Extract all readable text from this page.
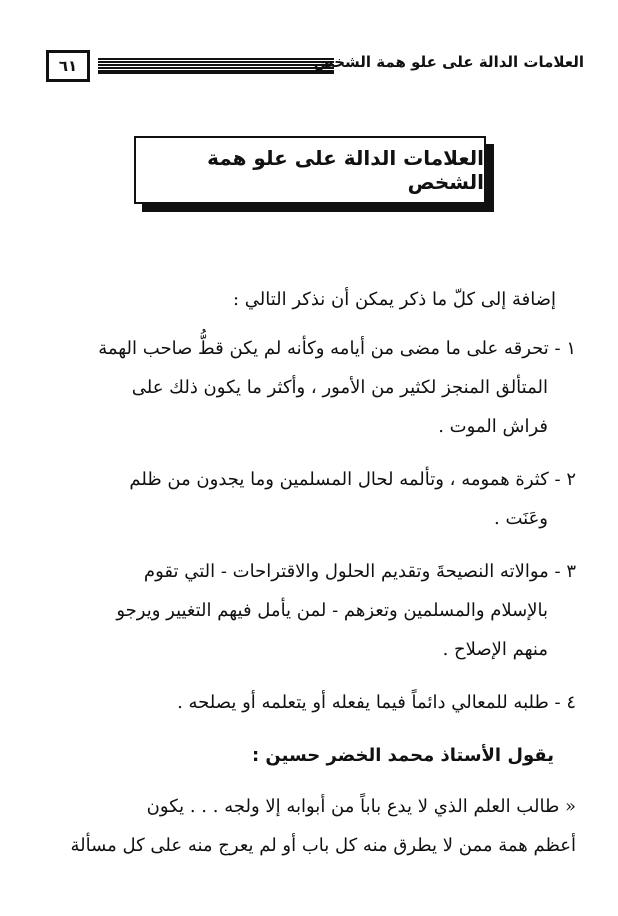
٦١	العلامات الدالة على علو همة الشخص
العلامات الدالة على علو همة الشخص
إضافة إلى كلّ ما ذكر يمكن أن نذكر التالي :
١ - تحرقه على ما مضى من أيامه وكأنه لم يكن قطُّ صاحب الهمة
المتألق المنجز لكثير من الأمور ، وأكثر ما يكون ذلك على
فراش الموت .
٢ - كثرة همومه ، وتألمه لحال المسلمين وما يجدون من ظلم
وعَنَت .
٣ - موالاته النصيحةَ وتقديم الحلول والاقتراحات - التي تقوم
بالإسلام والمسلمين وتعزهم - لمن يأمل فيهم التغيير ويرجو
منهم الإصلاح .
٤ - طلبه للمعالي دائماً فيما يفعله أو يتعلمه أو يصلحه .
يقول الأستاذ محمد الخضر حسين :
« طالب العلم الذي لا يدع باباً من أبوابه إلا ولجه . . . يكون
أعظم همة ممن لا يطرق منه كل باب أو لم يعرج منه على كل مسألة
